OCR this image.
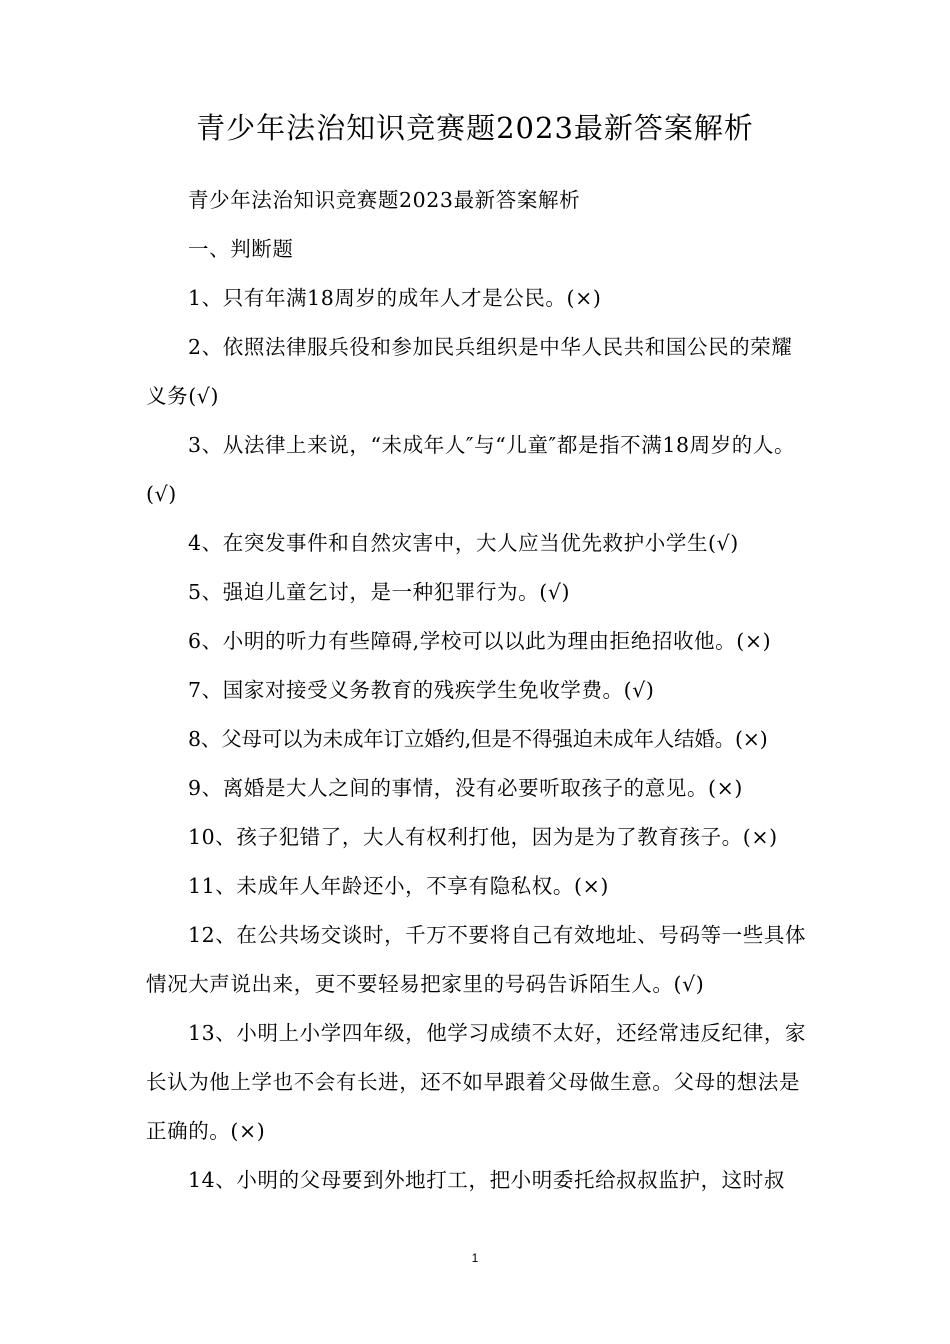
青少年法治知识竞赛题2023最新答案解析

青少年法治知识竞赛题2023最新答案解析

一、判断题

1、只有年满18周岁的成年人才是公民。(×)

2、依照法律服兵役和参加民兵组织是中华人民共和国公民的荣耀义务(√)

3、从法律上来说，“未成年人″与“儿童″都是指不满18周岁的人。(√)

4、在突发事件和自然灾害中，大人应当优先救护小学生(√)

5、强迫儿童乞讨，是一种犯罪行为。(√)

6、小明的听力有些障碍,学校可以以此为理由拒绝招收他。(×)

7、国家对接受义务教育的残疾学生免收学费。(√)

8、父母可以为未成年订立婚约,但是不得强迫未成年人结婚。(×)

9、离婚是大人之间的事情，没有必要听取孩子的意见。(×)

10、孩子犯错了，大人有权利打他，因为是为了教育孩子。(×)

11、未成年人年龄还小，不享有隐私权。(×)

12、在公共场交谈时，千万不要将自己有效地址、号码等一些具体情况大声说出来，更不要轻易把家里的号码告诉陌生人。(√)

13、小明上小学四年级，他学习成绩不太好，还经常违反纪律，家长认为他上学也不会有长进，还不如早跟着父母做生意。父母的想法是正确的。(×)

14、小明的父母要到外地打工，把小明委托给叔叔监护，这时叔

1
